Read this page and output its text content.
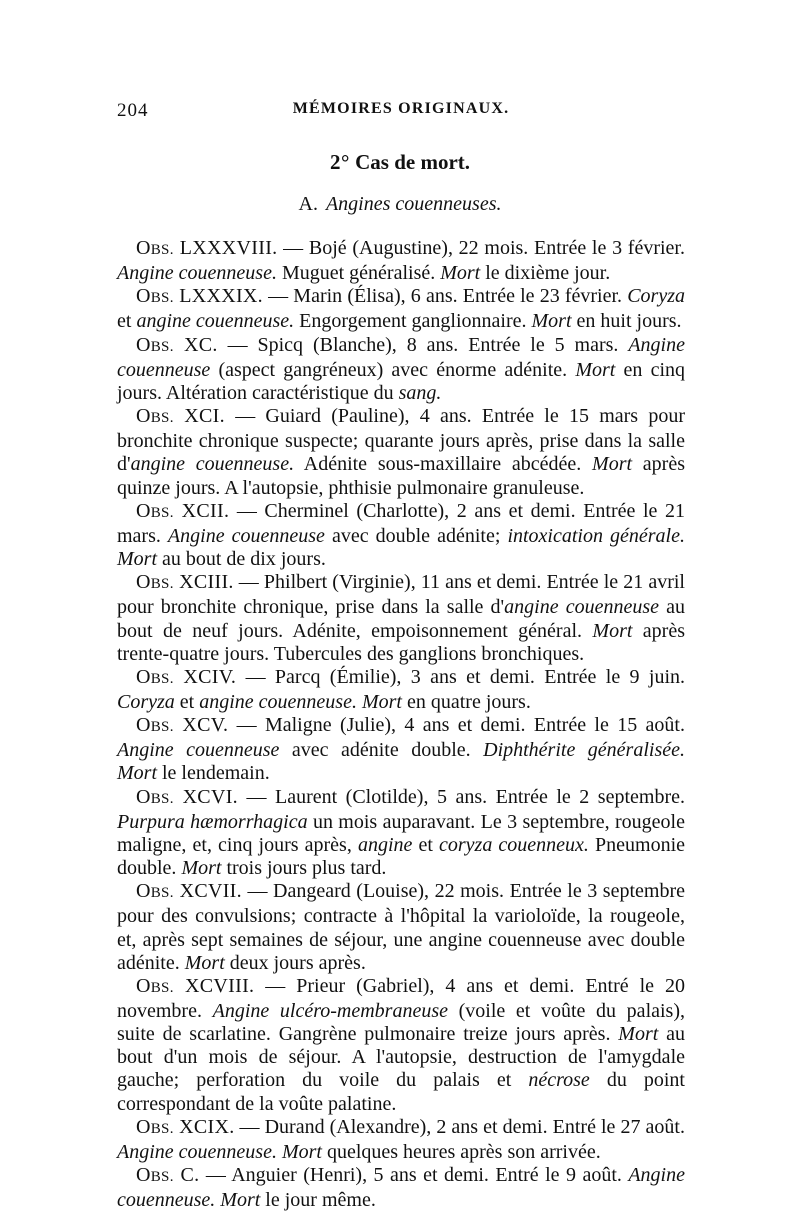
204	MÉMOIRES ORIGINAUX.
2° Cas de mort.
A. Angines couenneuses.

OBS. LXXXVIII. — Bojé (Augustine), 22 mois. Entrée le 3 février. Angine couenneuse. Muguet généralisé. Mort le dixième jour.

OBS. LXXXIX. — Marin (Élisa), 6 ans. Entrée le 23 février. Coryza et angine couenneuse. Engorgement ganglionnaire. Mort en huit jours.

OBS. XC. — Spicq (Blanche), 8 ans. Entrée le 5 mars. Angine couenneuse (aspect gangréneux) avec énorme adénite. Mort en cinq jours. Altération caractéristique du sang.

OBS. XCI. — Guiard (Pauline), 4 ans. Entrée le 15 mars pour bronchite chronique suspecte; quarante jours après, prise dans la salle d'angine couenneuse. Adénite sous-maxillaire abcédée. Mort après quinze jours. A l'autopsie, phthisie pulmonaire granuleuse.

OBS. XCII. — Cherminel (Charlotte), 2 ans et demi. Entrée le 21 mars. Angine couenneuse avec double adénite; intoxication générale. Mort au bout de dix jours.

OBS. XCIII. — Philbert (Virginie), 11 ans et demi. Entrée le 21 avril pour bronchite chronique, prise dans la salle d'angine couenneuse au bout de neuf jours. Adénite, empoisonnement général. Mort après trente-quatre jours. Tubercules des ganglions bronchiques.

OBS. XCIV. — Parcq (Émilie), 3 ans et demi. Entrée le 9 juin. Coryza et angine couenneuse. Mort en quatre jours.

OBS. XCV. — Maligne (Julie), 4 ans et demi. Entrée le 15 août. Angine couenneuse avec adénite double. Diphthérite généralisée. Mort le lendemain.

OBS. XCVI. — Laurent (Clotilde), 5 ans. Entrée le 2 septembre. Purpura hæmorrhagica un mois auparavant. Le 3 septembre, rougeole maligne, et, cinq jours après, angine et coryza couenneux. Pneumonie double. Mort trois jours plus tard.

OBS. XCVII. — Dangeard (Louise), 22 mois. Entrée le 3 septembre pour des convulsions; contracte à l'hôpital la varioloïde, la rougeole, et, après sept semaines de séjour, une angine couenneuse avec double adénite. Mort deux jours après.

OBS. XCVIII. — Prieur (Gabriel), 4 ans et demi. Entré le 20 novembre. Angine ulcéro-membraneuse (voile et voûte du palais), suite de scarlatine. Gangrène pulmonaire treize jours après. Mort au bout d'un mois de séjour. A l'autopsie, destruction de l'amygdale gauche; perforation du voile du palais et nécrose du point correspondant de la voûte palatine.

OBS. XCIX. — Durand (Alexandre), 2 ans et demi. Entré le 27 août. Angine couenneuse. Mort quelques heures après son arrivée.

OBS. C. — Anguier (Henri), 5 ans et demi. Entré le 9 août. Angine couenneuse. Mort le jour même.
